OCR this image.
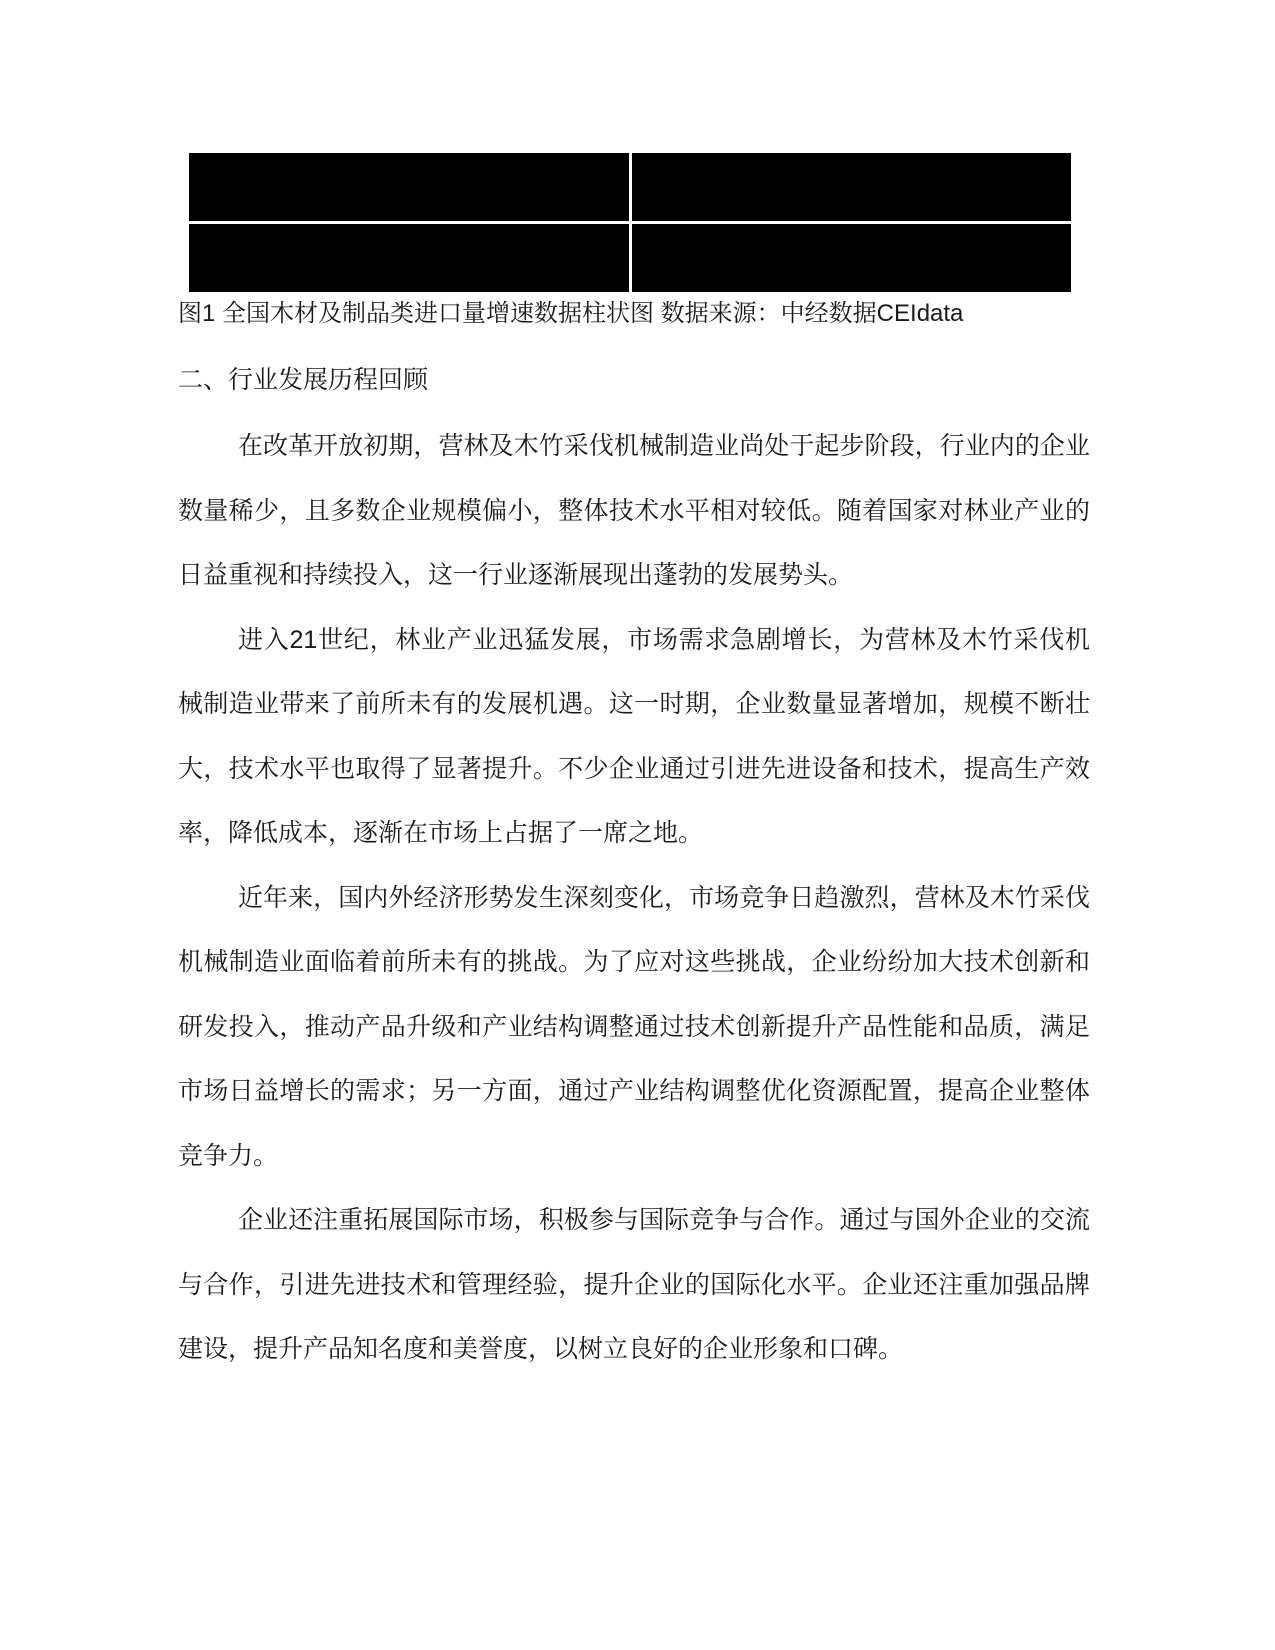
图1 全国木材及制品类进口量增速数据柱状图 数据来源：中经数据CEIdata
二、行业发展历程回顾

在改革开放初期，营林及木竹采伐机械制造业尚处于起步阶段，行业内的企业数量稀少，且多数企业规模偏小，整体技术水平相对较低。随着国家对林业产业的日益重视和持续投入，这一行业逐渐展现出蓬勃的发展势头。

进入21世纪，林业产业迅猛发展，市场需求急剧增长，为营林及木竹采伐机械制造业带来了前所未有的发展机遇。这一时期，企业数量显著增加，规模不断壮大，技术水平也取得了显著提升。不少企业通过引进先进设备和技术，提高生产效率，降低成本，逐渐在市场上占据了一席之地。

近年来，国内外经济形势发生深刻变化，市场竞争日趋激烈，营林及木竹采伐机械制造业面临着前所未有的挑战。为了应对这些挑战，企业纷纷加大技术创新和研发投入，推动产品升级和产业结构调整通过技术创新提升产品性能和品质，满足市场日益增长的需求；另一方面，通过产业结构调整优化资源配置，提高企业整体竞争力。

企业还注重拓展国际市场，积极参与国际竞争与合作。通过与国外企业的交流与合作，引进先进技术和管理经验，提升企业的国际化水平。企业还注重加强品牌建设，提升产品知名度和美誉度，以树立良好的企业形象和口碑。
